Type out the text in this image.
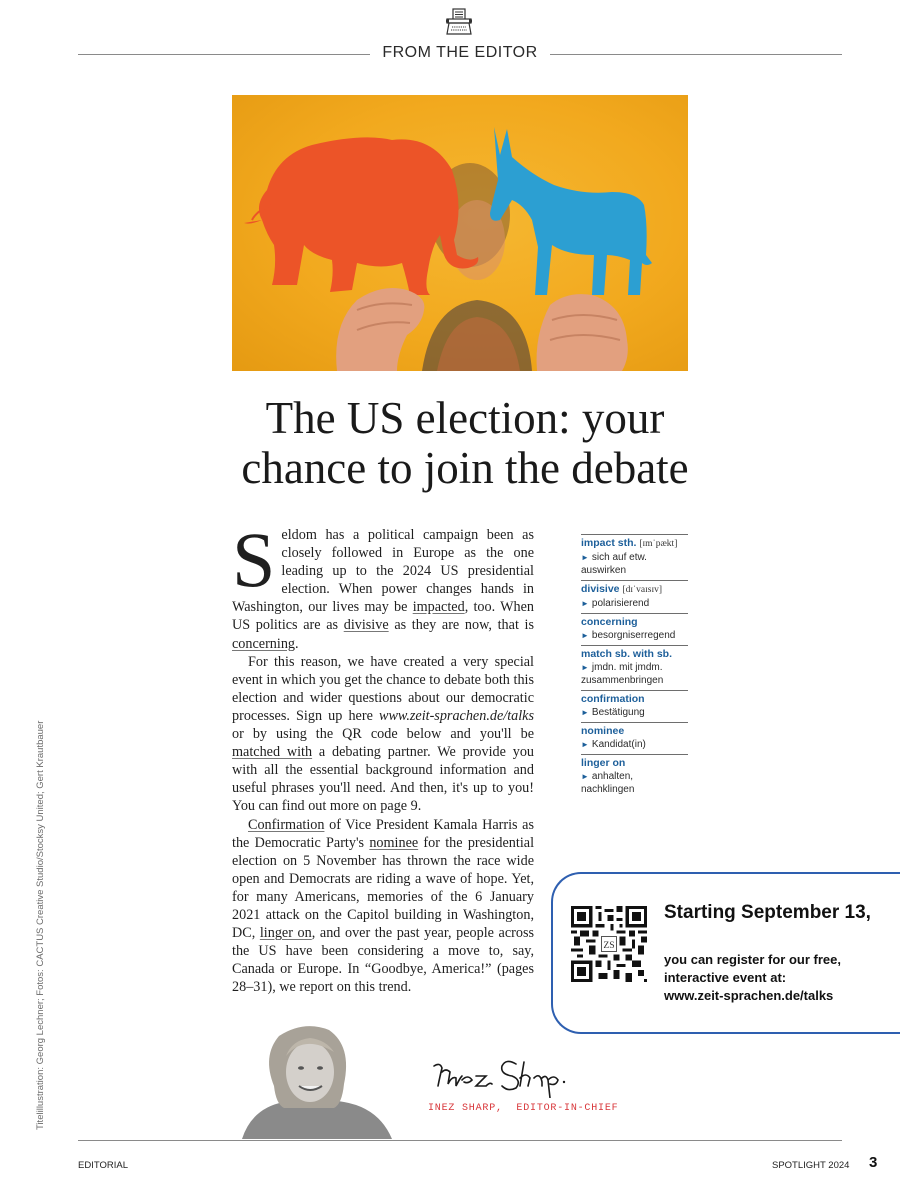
FROM THE EDITOR
The US election: your
chance to join the debate

Seldom has a political campaign been as closely followed in Europe as the one leading up to the 2024 US presidential election. When power changes hands in Washington, our lives may be impacted, too. When US politics are as divisive as they are now, that is concerning.

For this reason, we have created a very special event in which you get the chance to debate both this election and wider questions about our democratic processes. Sign up here www.zeit-sprachen.de/talks or by using the QR code below and you'll be matched with a debating partner. We provide you with all the essential background information and useful phrases you'll need. And then, it's up to you! You can find out more on page 9.

Confirmation of Vice President Kamala Harris as the Democratic Party's nominee for the presidential election on 5 November has thrown the race wide open and Democrats are riding a wave of hope. Yet, for many Americans, memories of the 6 January 2021 attack on the Capitol building in Washington, DC, linger on, and over the past year, people across the US have been considering a move to, say, Canada or Europe. In “Goodbye, America!” (pages 28–31), we report on this trend.

impact sth. [ɪmˈpækt]
► sich auf etw. auswirken
divisive [dɪˈvaɪsɪv]
► polarisierend
concerning
► besorgniserregend
match sb. with sb.
► jmdn. mit jmdm. zusammenbringen
confirmation
► Bestätigung
nominee
► Kandidat(in)
linger on
► anhalten, nachklingen
ZS
Starting September 13,
you can register for our free, interactive event at:
www.zeit-sprachen.de/talks
INEZ SHARP,  EDITOR-IN-CHIEF
Titelillustration: Georg Lechner; Fotos: CACTUS Creative Studio/Stocksy United; Gert Krautbauer
EDITORIAL	SPOTLIGHT 2024 3
